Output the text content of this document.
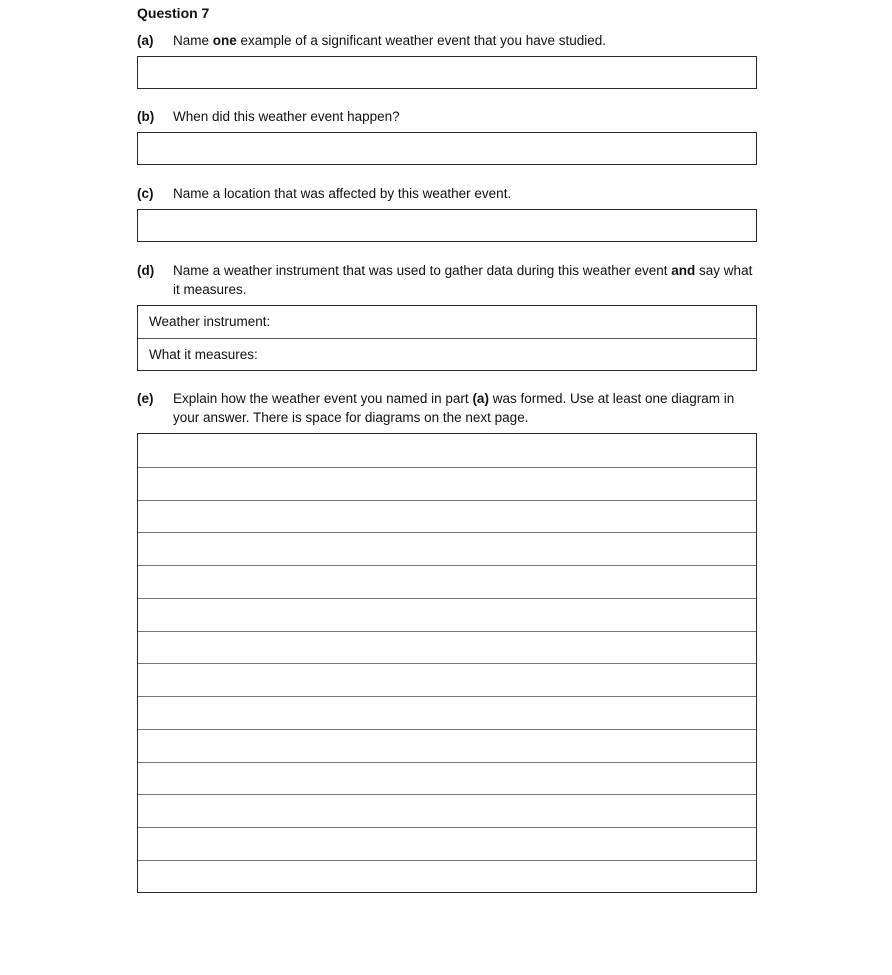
Question 7
(a) Name one example of a significant weather event that you have studied.
(b) When did this weather event happen?
(c) Name a location that was affected by this weather event.
(d) Name a weather instrument that was used to gather data during this weather event and say what it measures.
Weather instrument:
What it measures:
(e) Explain how the weather event you named in part (a) was formed. Use at least one diagram in your answer. There is space for diagrams on the next page.
